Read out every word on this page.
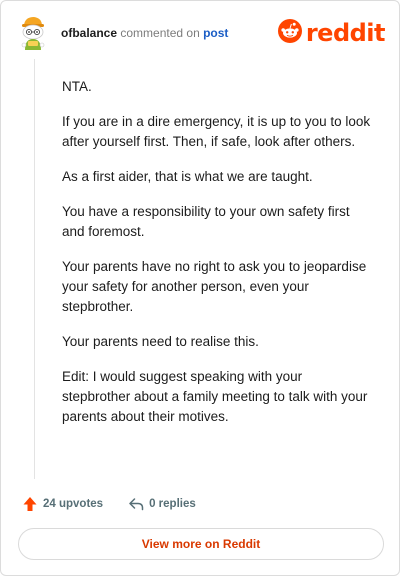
ofbalance commented on post	reddit

NTA.

If you are in a dire emergency, it is up to you to look after yourself first. Then, if safe, look after others.

As a first aider, that is what we are taught.

You have a responsibility to your own safety first and foremost.

Your parents have no right to ask you to jeopardise your safety for another person, even your stepbrother.

Your parents need to realise this.

Edit: I would suggest speaking with your stepbrother about a family meeting to talk with your parents about their motives.

24 upvotes	0 replies
View more on Reddit
